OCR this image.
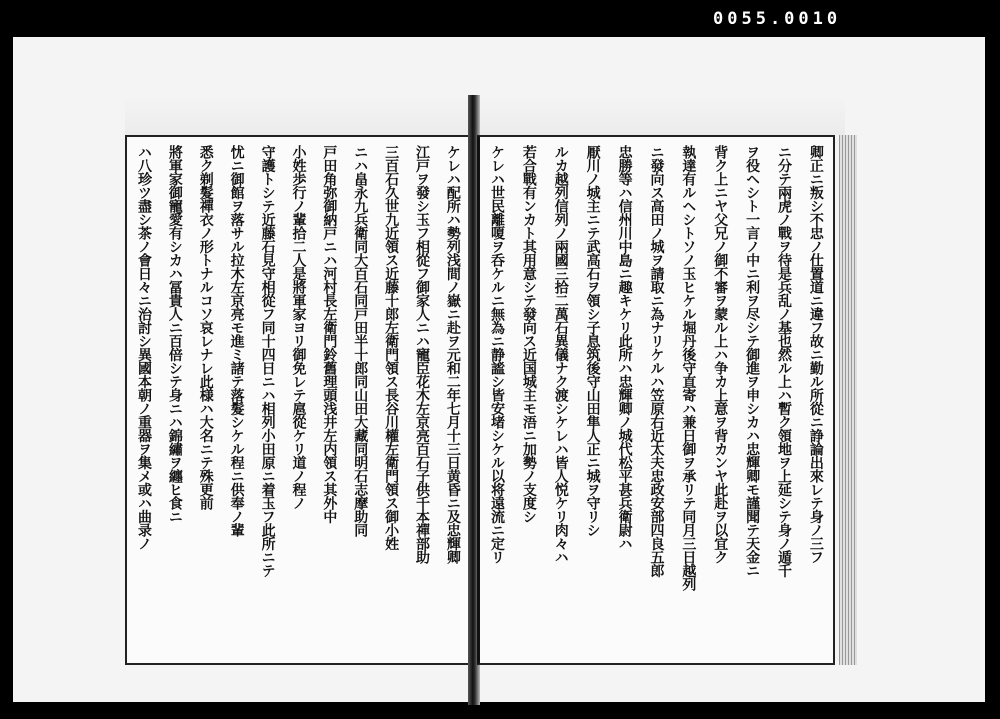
0055.0010
ケレハ配所ハ勢列浅間ノ嶽ニ赴ヲ元和二年七月十三日黄昏ニ及忠輝卿
江戸ヲ發シ玉フ相從フ御家人ニハ寵臣花木左京亮百石子供千本禪部助
三百石久世九近領ス近藤十郎左衛門領ス長谷川權左衛門領ス御小姓
ニハ畠永九兵衛同大百石同戸田半十郎同山田大藏同明石志摩助同
戸田角弥御納戸ニハ河村長左衛門鈴舊理頭浅井左内領ス其外中
小姓歩行ノ輩拾二人是將軍家ヨリ御免レテ扈從ケリ道ノ程ノ
守護トシテ近藤石見守相從フ同十四日ニハ相列小田原ニ着玉フ此所ニテ
忧ニ御館ヲ落サル拉木左京亮モ進ミ諸テ落髮シケル程ニ供奉ノ輩
悉ク剃髮禪衣ノ形トナルコソ哀レナレ此様ハ大名ニテ殊更前
將軍家御寵愛有シカハ冨貴人ニ百倍シテ身ニハ錦繡ヲ纏ヒ食ニ
ハ八珍ツ盡シ茶ノ會日々ニ治討シ異國本朝ノ重器ヲ集メ或ハ曲录ノ	卿正ニ叛シ不忠ノ仕置道ニ違フ故ニ勤ル所從ニ諍論出來レテ身ノ三フ
ニ分テ兩虎ノ戰ヲ待是兵乱ノ基也然ル上ハ暫ク領地ヲ上延シテ身ノ遁千
ヲ役ヘシト一言ノ中ニ利ヲ尽シテ御進ヲ申シカハ忠輝卿モ謹聞テ天金ニ
背ク上ニヤ父兄ノ御不審ヲ蒙ル上ハ争カ上意ヲ背カンヤ此赴ヲ以宜ク
執達有ルヘシトソノ玉ヒケル堀丹後守直寄ハ兼日御ヲ承リテ同月三日越列
ニ發向ス高田ノ城ヲ請取ニ為ナリケルハ笠原右近太夫忠政安部四良五郎
忠勝等ハ信州川中島ニ趣キケリ此所ハ忠輝卿ノ城代松平甚兵衛尉ハ
厭川ノ城主ニテ武高石ヲ領シ子息筑後守山田隼人正ニ城ヲ守リシ
ルカ越列信列ノ兩國三拾二萬石異儀ナク渡シケレハ皆人悦ケリ肉々ハ
若合戰有ンカト其用意シテ發向ス近国城主モ浯ニ加勢ノ支度シ
ケレハ世民離嗄ヲ呑ケルニ無為ニ静謐シ皆安堵シケル以将遠流ニ定リ
